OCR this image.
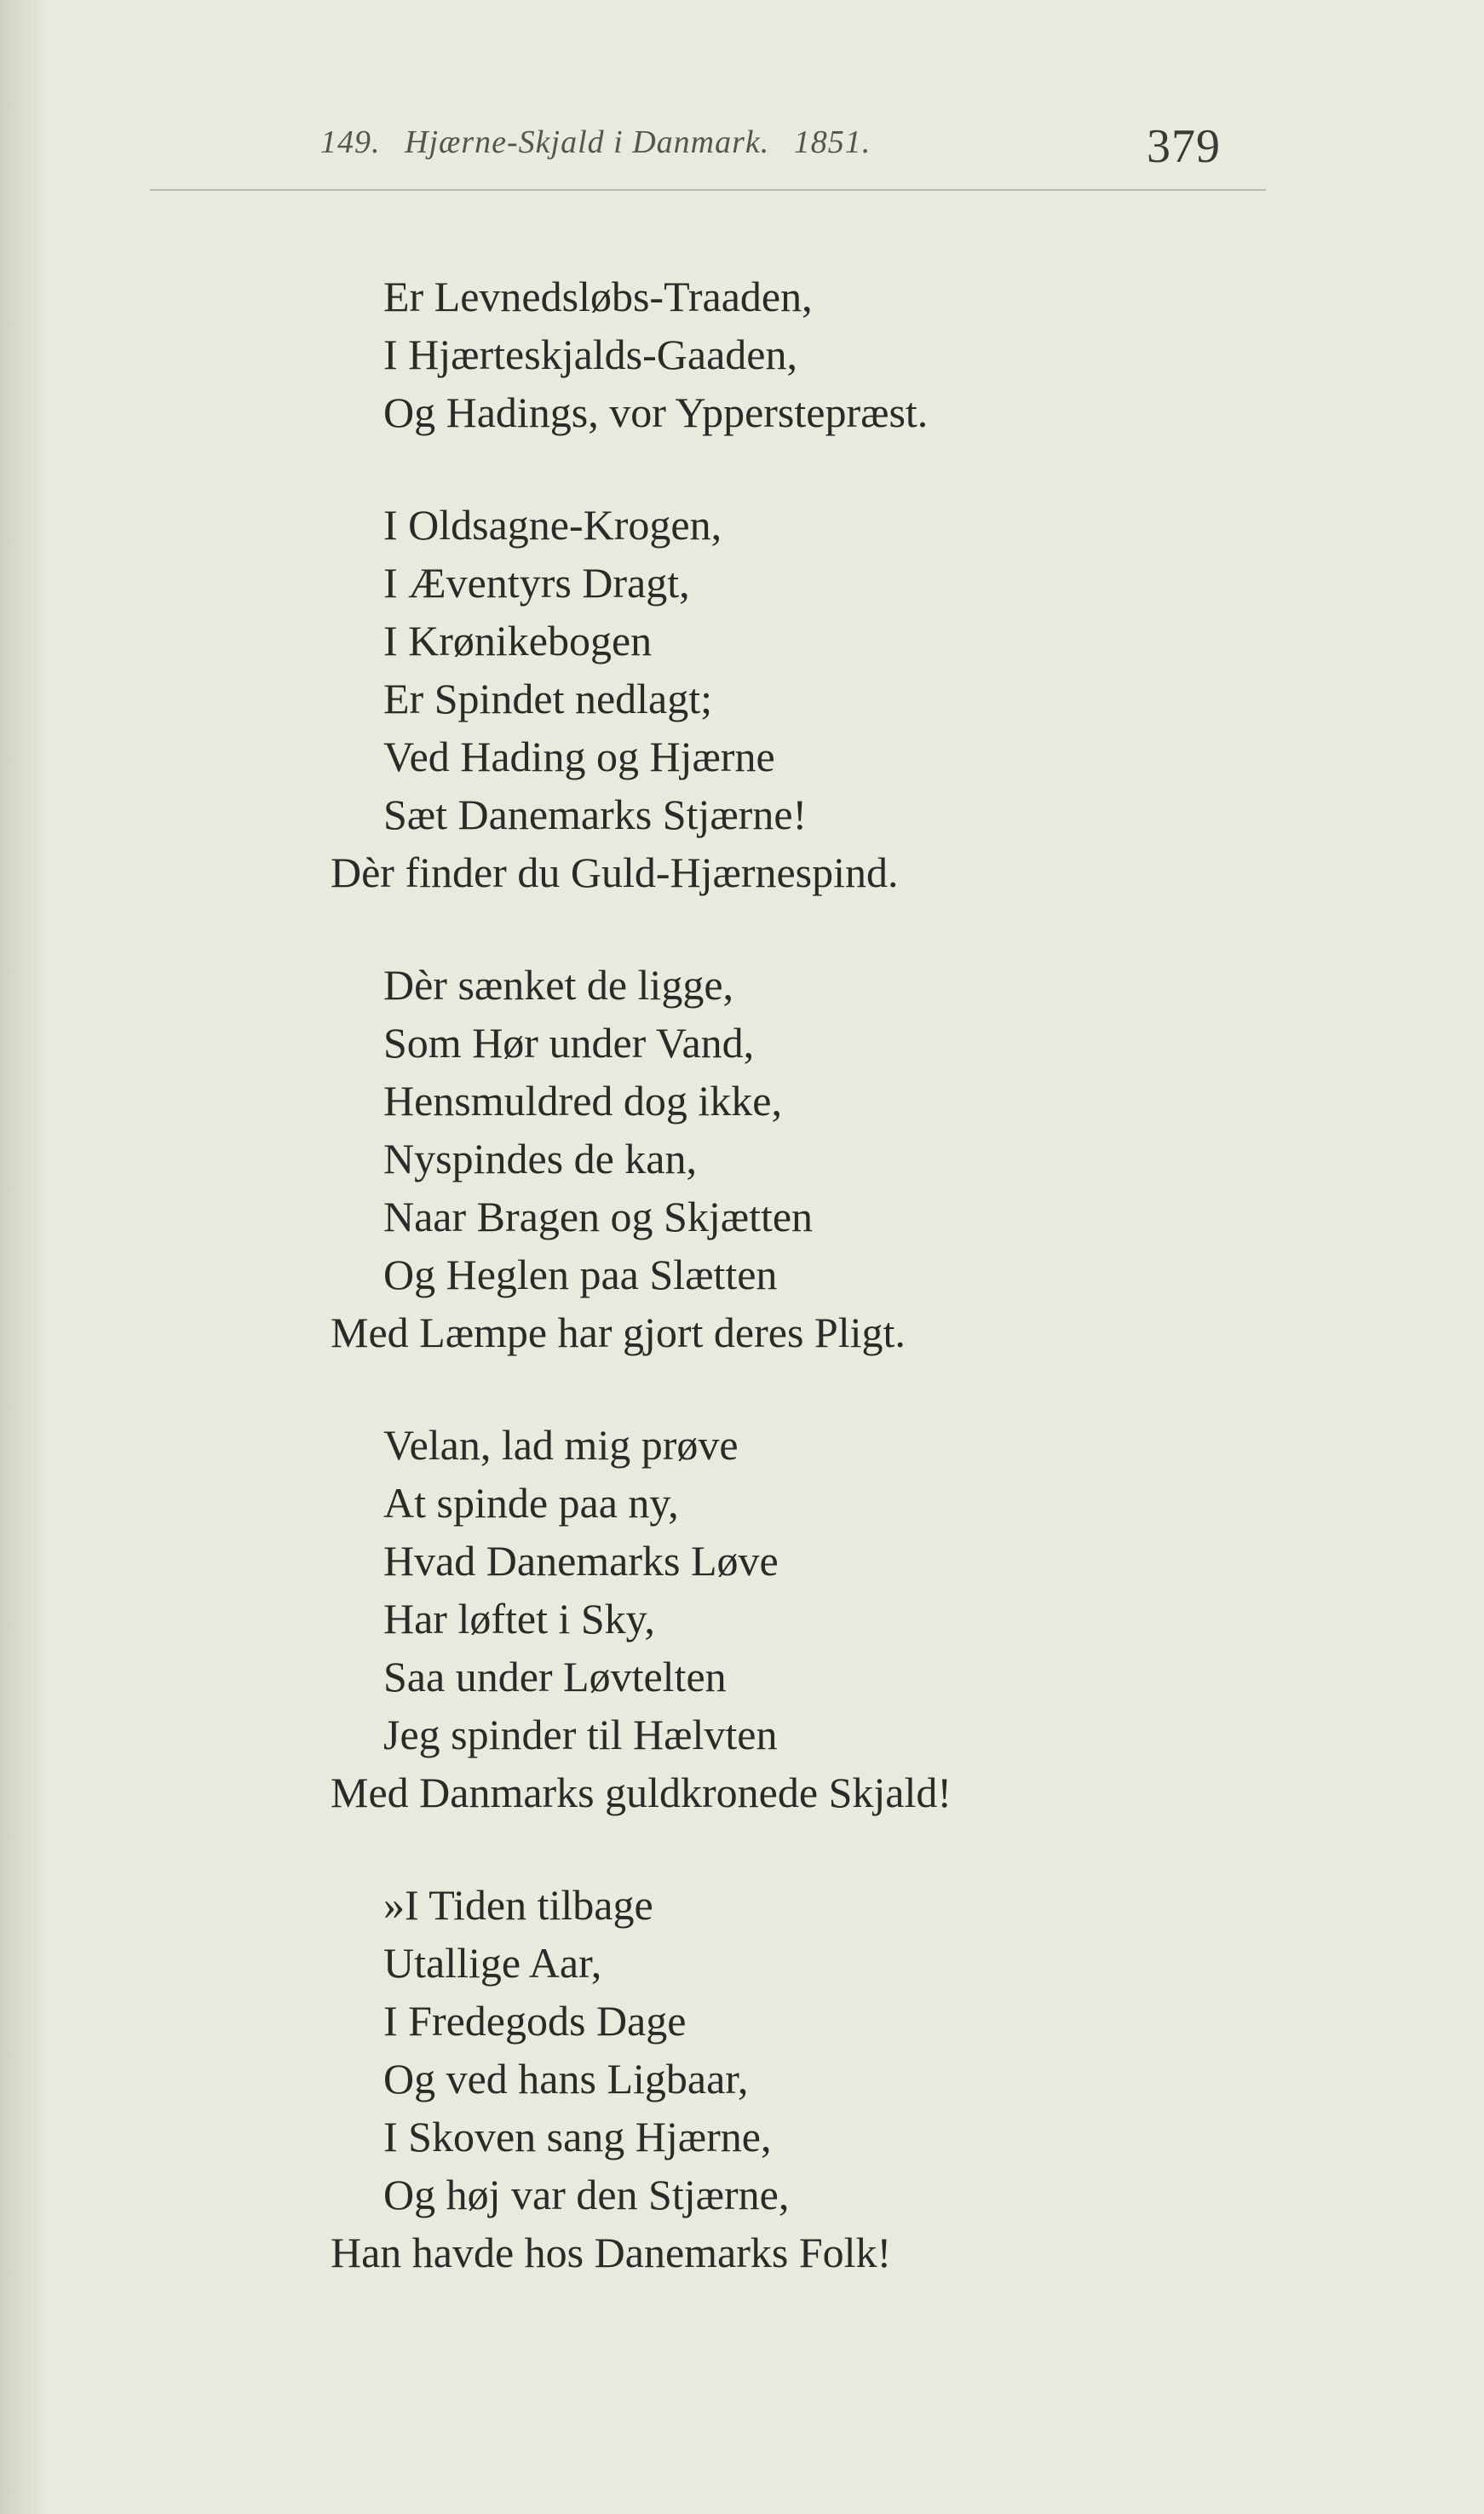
149. Hjærne-Skjald i Danmark. 1851.	379
Er Levnedsløbs-Traaden,
I Hjærteskjalds-Gaaden,
Og Hadings, vor Ypperstepræst.
I Oldsagne-Krogen,
I Æventyrs Dragt,
I Krønikebogen
Er Spindet nedlagt;
Ved Hading og Hjærne
Sæt Danemarks Stjærne!
Dèr finder du Guld-Hjærnespind.
Dèr sænket de ligge,
Som Hør under Vand,
Hensmuldred dog ikke,
Nyspindes de kan,
Naar Bragen og Skjætten
Og Heglen paa Slætten
Med Læmpe har gjort deres Pligt.
Velan, lad mig prøve
At spinde paa ny,
Hvad Danemarks Løve
Har løftet i Sky,
Saa under Løvtelten
Jeg spinder til Hælvten
Med Danmarks guldkronede Skjald!
»I Tiden tilbage
Utallige Aar,
I Fredegods Dage
Og ved hans Ligbaar,
I Skoven sang Hjærne,
Og høj var den Stjærne,
Han havde hos Danemarks Folk!
